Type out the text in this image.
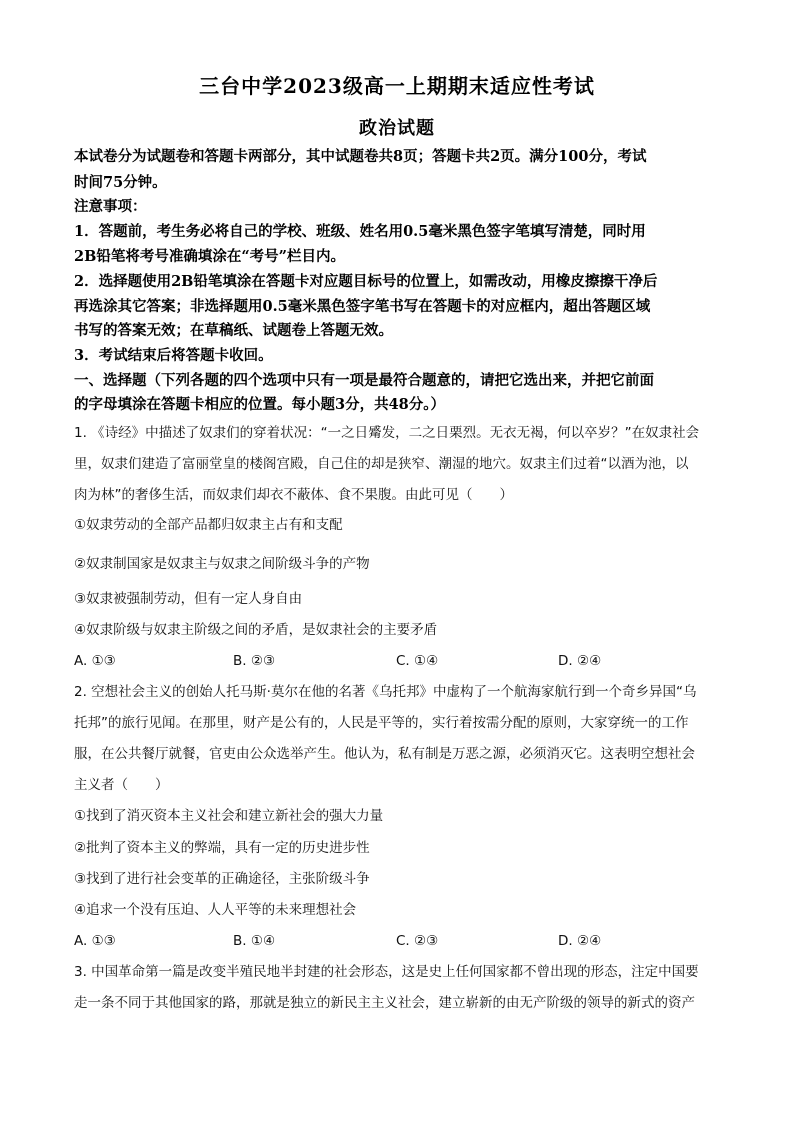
三台中学2023级高一上期期末适应性考试
政治试题
本试卷分为试题卷和答题卡两部分，其中试题卷共8页；答题卡共2页。满分100分，考试
时间75分钟。
注意事项：
1．答题前，考生务必将自己的学校、班级、姓名用0.5毫米黑色签字笔填写清楚，同时用
2B铅笔将考号准确填涂在“考号”栏目内。
2．选择题使用2B铅笔填涂在答题卡对应题目标号的位置上，如需改动，用橡皮擦擦干净后
再选涂其它答案；非选择题用0.5毫米黑色签字笔书写在答题卡的对应框内，超出答题区域
书写的答案无效；在草稿纸、试题卷上答题无效。
3．考试结束后将答题卡收回。
一、选择题（下列各题的四个选项中只有一项是最符合题意的，请把它选出来，并把它前面
的字母填涂在答题卡相应的位置。每小题3分，共48分。）
1. 《诗经》中描述了奴隶们的穿着状况：“一之日觱发，二之日栗烈。无衣无褐，何以卒岁？”在奴隶社会
里，奴隶们建造了富丽堂皇的楼阁宫殿，自己住的却是狭窄、潮湿的地穴。奴隶主们过着“以酒为池，以
肉为林”的奢侈生活，而奴隶们却衣不蔽体、食不果腹。由此可见（　　）
①奴隶劳动的全部产品都归奴隶主占有和支配
②奴隶制国家是奴隶主与奴隶之间阶级斗争的产物
③奴隶被强制劳动，但有一定人身自由
④奴隶阶级与奴隶主阶级之间的矛盾，是奴隶社会的主要矛盾
A. ①③	B. ②③	C. ①④	D. ②④
2. 空想社会主义的创始人托马斯·莫尔在他的名著《乌托邦》中虚构了一个航海家航行到一个奇乡异国“乌
托邦”的旅行见闻。在那里，财产是公有的，人民是平等的，实行着按需分配的原则，大家穿统一的工作
服，在公共餐厅就餐，官吏由公众选举产生。他认为，私有制是万恶之源，必须消灭它。这表明空想社会
主义者（　　）
①找到了消灭资本主义社会和建立新社会的强大力量
②批判了资本主义的弊端，具有一定的历史进步性
③找到了进行社会变革的正确途径，主张阶级斗争
④追求一个没有压迫、人人平等的未来理想社会
A. ①③	B. ①④	C. ②③	D. ②④
3. 中国革命第一篇是改变半殖民地半封建的社会形态，这是史上任何国家都不曾出现的形态，注定中国要
走一条不同于其他国家的路，那就是独立的新民主主义社会，建立崭新的由无产阶级的领导的新式的资产
